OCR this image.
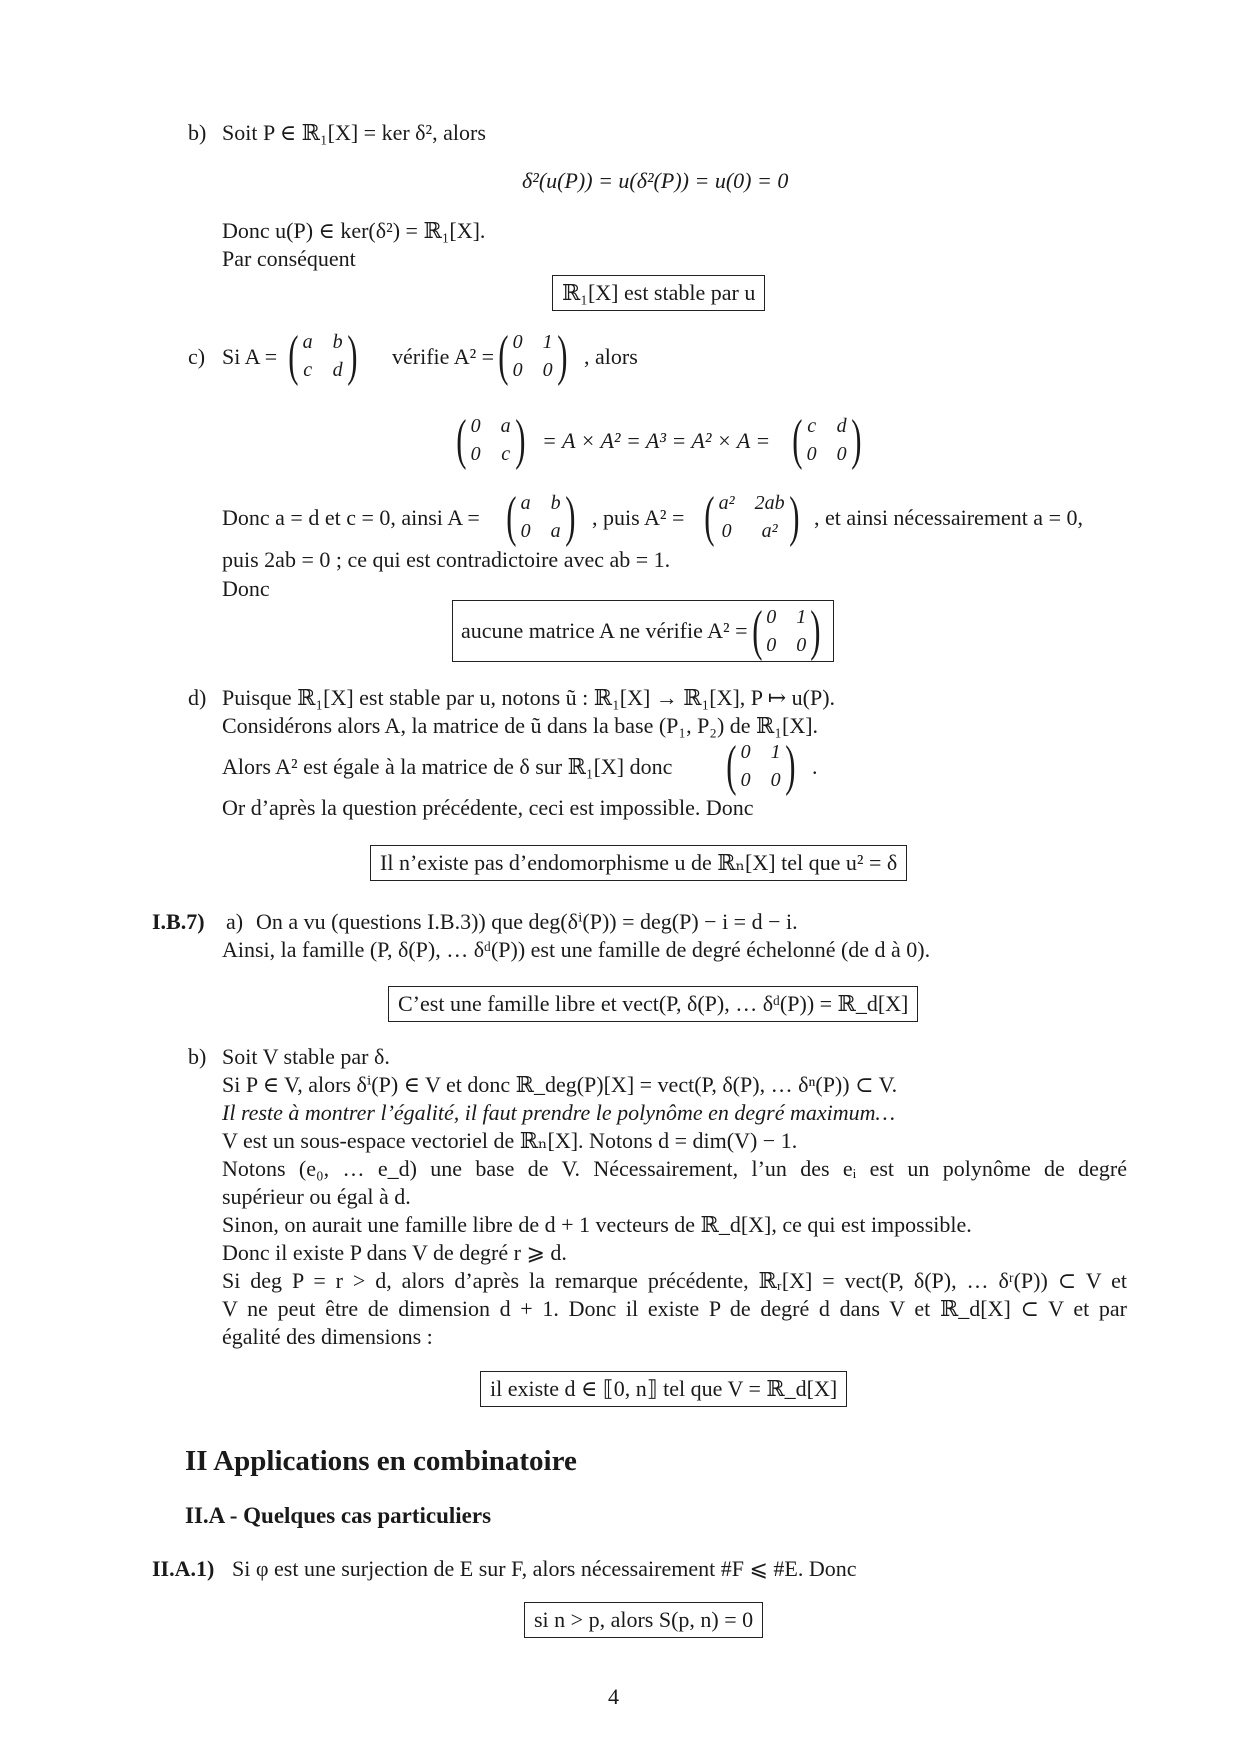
b) Soit P ∈ ℝ₁[X] = ker δ², alors
δ²(u(P)) = u(δ²(P)) = u(0) = 0
Donc u(P) ∈ ker(δ²) = ℝ₁[X].
Par conséquent
ℝ₁[X] est stable par u
c) Si A = ( a b
c d ) vérifie A² = ( 0 1
0 0 ) , alors
( 0 a
0 c ) = A × A² = A³ = A² × A = ( c d
0 0 )
Donc a = d et c = 0, ainsi A = ( a b
0 a ) , puis A² = ( a² 2ab
0	a² ) , et ainsi nécessairement a = 0,
puis 2ab = 0 ; ce qui est contradictoire avec ab = 1.
Donc
aucune matrice A ne vérifie A² = ( 0 1
0 0 )
d) Puisque ℝ₁[X] est stable par u, notons ũ : ℝ₁[X] → ℝ₁[X], P ↦ u(P).
Considérons alors A, la matrice de ũ dans la base (P₁, P₂) de ℝ₁[X].
Alors A² est égale à la matrice de δ sur ℝ₁[X] donc ( 0 1
0 0 ) .
Or d’après la question précédente, ceci est impossible. Donc
Il n’existe pas d’endomorphisme u de ℝₙ[X] tel que u² = δ
I.B.7) a) On a vu (questions I.B.3)) que deg(δⁱ(P)) = deg(P) − i = d − i.
Ainsi, la famille (P, δ(P), … δᵈ(P)) est une famille de degré échelonné (de d à 0).
C’est une famille libre et vect(P, δ(P), … δᵈ(P)) = ℝ_d[X]
b) Soit V stable par δ.
Si P ∈ V, alors δⁱ(P) ∈ V et donc ℝ_deg(P)[X] = vect(P, δ(P), … δⁿ(P)) ⊂ V.
Il reste à montrer l’égalité, il faut prendre le polynôme en degré maximum…
V est un sous-espace vectoriel de ℝₙ[X]. Notons d = dim(V) − 1.
Notons (e₀, … e_d) une base de V. Nécessairement, l’un des eᵢ est un polynôme de degré
supérieur ou égal à d.
Sinon, on aurait une famille libre de d + 1 vecteurs de ℝ_d[X], ce qui est impossible.
Donc il existe P dans V de degré r ⩾ d.
Si deg P = r > d, alors d’après la remarque précédente, ℝᵣ[X] = vect(P, δ(P), … δʳ(P)) ⊂ V et
V ne peut être de dimension d + 1. Donc il existe P de degré d dans V et ℝ_d[X] ⊂ V et par
égalité des dimensions :
il existe d ∈ ⟦0, n⟧ tel que V = ℝ_d[X]
II Applications en combinatoire
II.A - Quelques cas particuliers
II.A.1) Si φ est une surjection de E sur F, alors nécessairement #F ⩽ #E. Donc
si n > p, alors S(p, n) = 0
4
